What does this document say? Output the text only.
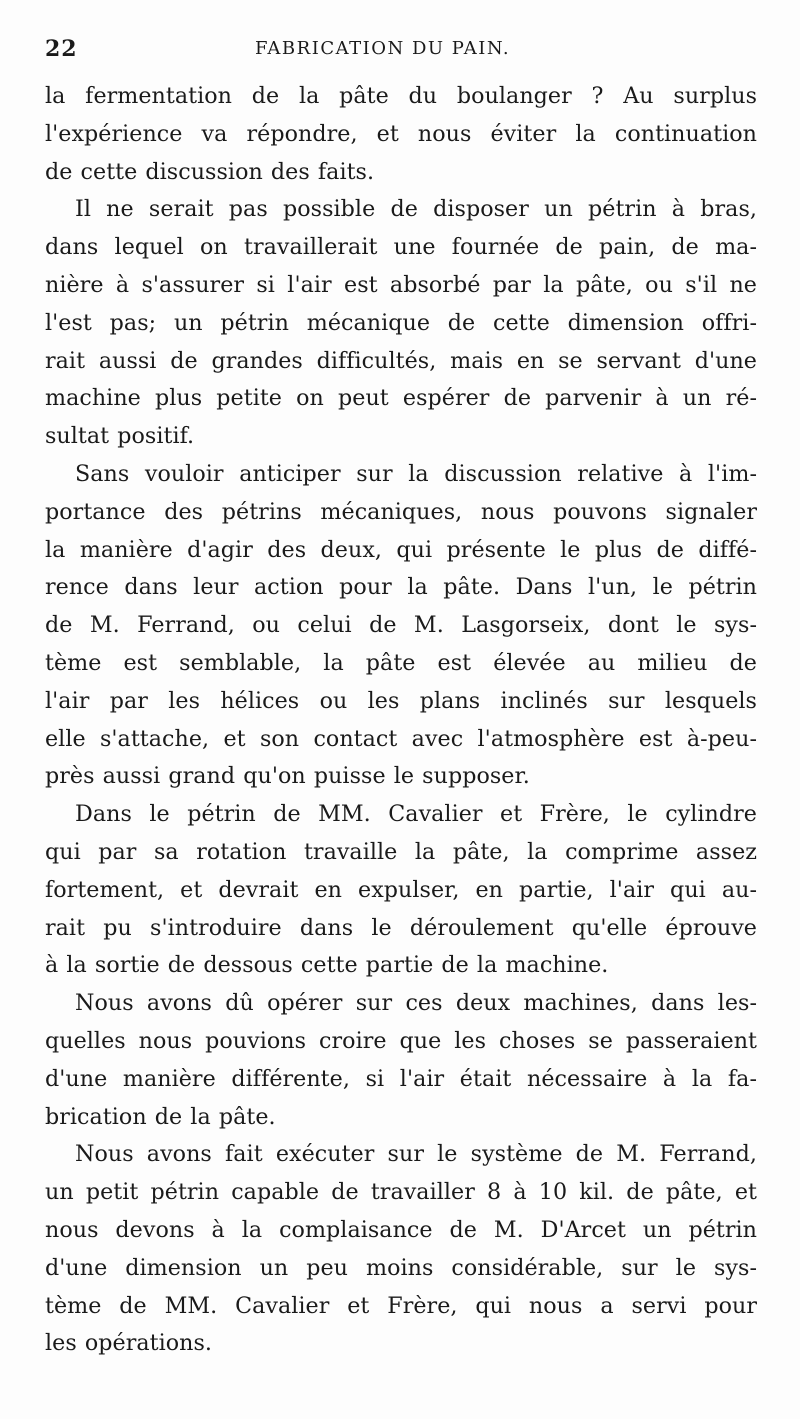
22	FABRICATION DU PAIN.

la fermentation de la pâte du boulanger ? Au surplus
l'expérience va répondre, et nous éviter la continuation
de cette discussion des faits.

Il ne serait pas possible de disposer un pétrin à bras,
dans lequel on travaillerait une fournée de pain, de ma-
nière à s'assurer si l'air est absorbé par la pâte, ou s'il ne
l'est pas; un pétrin mécanique de cette dimension offri-
rait aussi de grandes difficultés, mais en se servant d'une
machine plus petite on peut espérer de parvenir à un ré-
sultat positif.

Sans vouloir anticiper sur la discussion relative à l'im-
portance des pétrins mécaniques, nous pouvons signaler
la manière d'agir des deux, qui présente le plus de diffé-
rence dans leur action pour la pâte. Dans l'un, le pétrin
de M. Ferrand, ou celui de M. Lasgorseix, dont le sys-
tème est semblable, la pâte est élevée au milieu de
l'air par les hélices ou les plans inclinés sur lesquels
elle s'attache, et son contact avec l'atmosphère est à-peu-
près aussi grand qu'on puisse le supposer.

Dans le pétrin de MM. Cavalier et Frère, le cylindre
qui par sa rotation travaille la pâte, la comprime assez
fortement, et devrait en expulser, en partie, l'air qui au-
rait pu s'introduire dans le déroulement qu'elle éprouve
à la sortie de dessous cette partie de la machine.

Nous avons dû opérer sur ces deux machines, dans les-
quelles nous pouvions croire que les choses se passeraient
d'une manière différente, si l'air était nécessaire à la fa-
brication de la pâte.

Nous avons fait exécuter sur le système de M. Ferrand,
un petit pétrin capable de travailler 8 à 10 kil. de pâte, et
nous devons à la complaisance de M. D'Arcet un pétrin
d'une dimension un peu moins considérable, sur le sys-
tème de MM. Cavalier et Frère, qui nous a servi pour
les opérations.
